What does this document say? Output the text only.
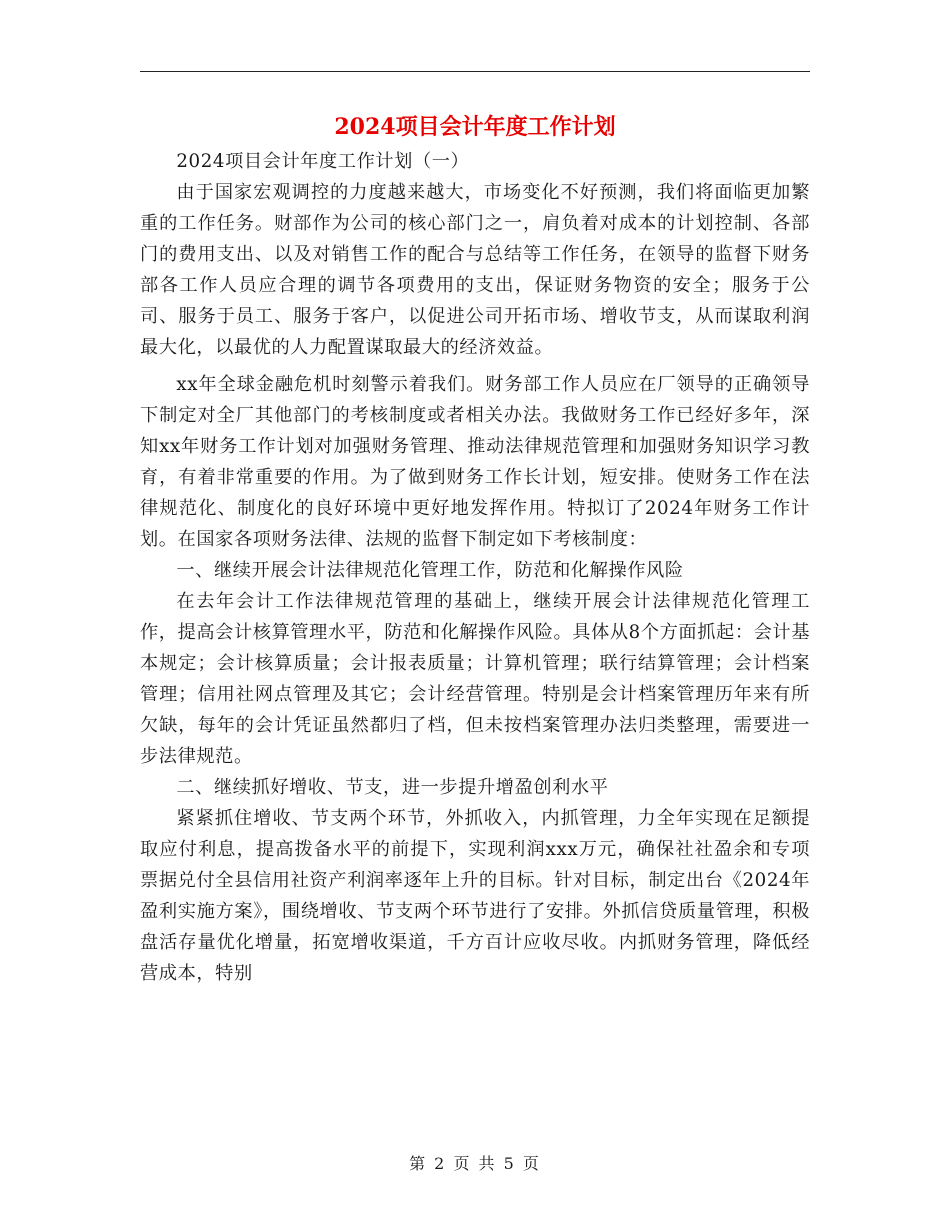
2024项目会计年度工作计划

2024项目会计年度工作计划（一）

由于国家宏观调控的力度越来越大，市场变化不好预测，我们将面临更加繁重的工作任务。财部作为公司的核心部门之一，肩负着对成本的计划控制、各部门的费用支出、以及对销售工作的配合与总结等工作任务，在领导的监督下财务部各工作人员应合理的调节各项费用的支出，保证财务物资的安全；服务于公司、服务于员工、服务于客户，以促进公司开拓市场、增收节支，从而谋取利润最大化，以最优的人力配置谋取最大的经济效益。

xx年全球金融危机时刻警示着我们。财务部工作人员应在厂领导的正确领导下制定对全厂其他部门的考核制度或者相关办法。我做财务工作已经好多年，深知xx年财务工作计划对加强财务管理、推动法律规范管理和加强财务知识学习教育，有着非常重要的作用。为了做到财务工作长计划，短安排。使财务工作在法律规范化、制度化的良好环境中更好地发挥作用。特拟订了2024年财务工作计划。在国家各项财务法律、法规的监督下制定如下考核制度：

一、继续开展会计法律规范化管理工作，防范和化解操作风险

在去年会计工作法律规范管理的基础上，继续开展会计法律规范化管理工作，提高会计核算管理水平，防范和化解操作风险。具体从8个方面抓起：会计基本规定；会计核算质量；会计报表质量；计算机管理；联行结算管理；会计档案管理；信用社网点管理及其它；会计经营管理。特别是会计档案管理历年来有所欠缺，每年的会计凭证虽然都归了档，但未按档案管理办法归类整理，需要进一步法律规范。

二、继续抓好增收、节支，进一步提升增盈创利水平

紧紧抓住增收、节支两个环节，外抓收入，内抓管理，力全年实现在足额提取应付利息，提高拨备水平的前提下，实现利润xxx万元，确保社社盈余和专项票据兑付全县信用社资产利润率逐年上升的目标。针对目标，制定出台《2024年盈利实施方案》，围绕增收、节支两个环节进行了安排。外抓信贷质量管理，积极盘活存量优化增量，拓宽增收渠道，千方百计应收尽收。内抓财务管理，降低经营成本，特别

第 2 页 共 5 页
